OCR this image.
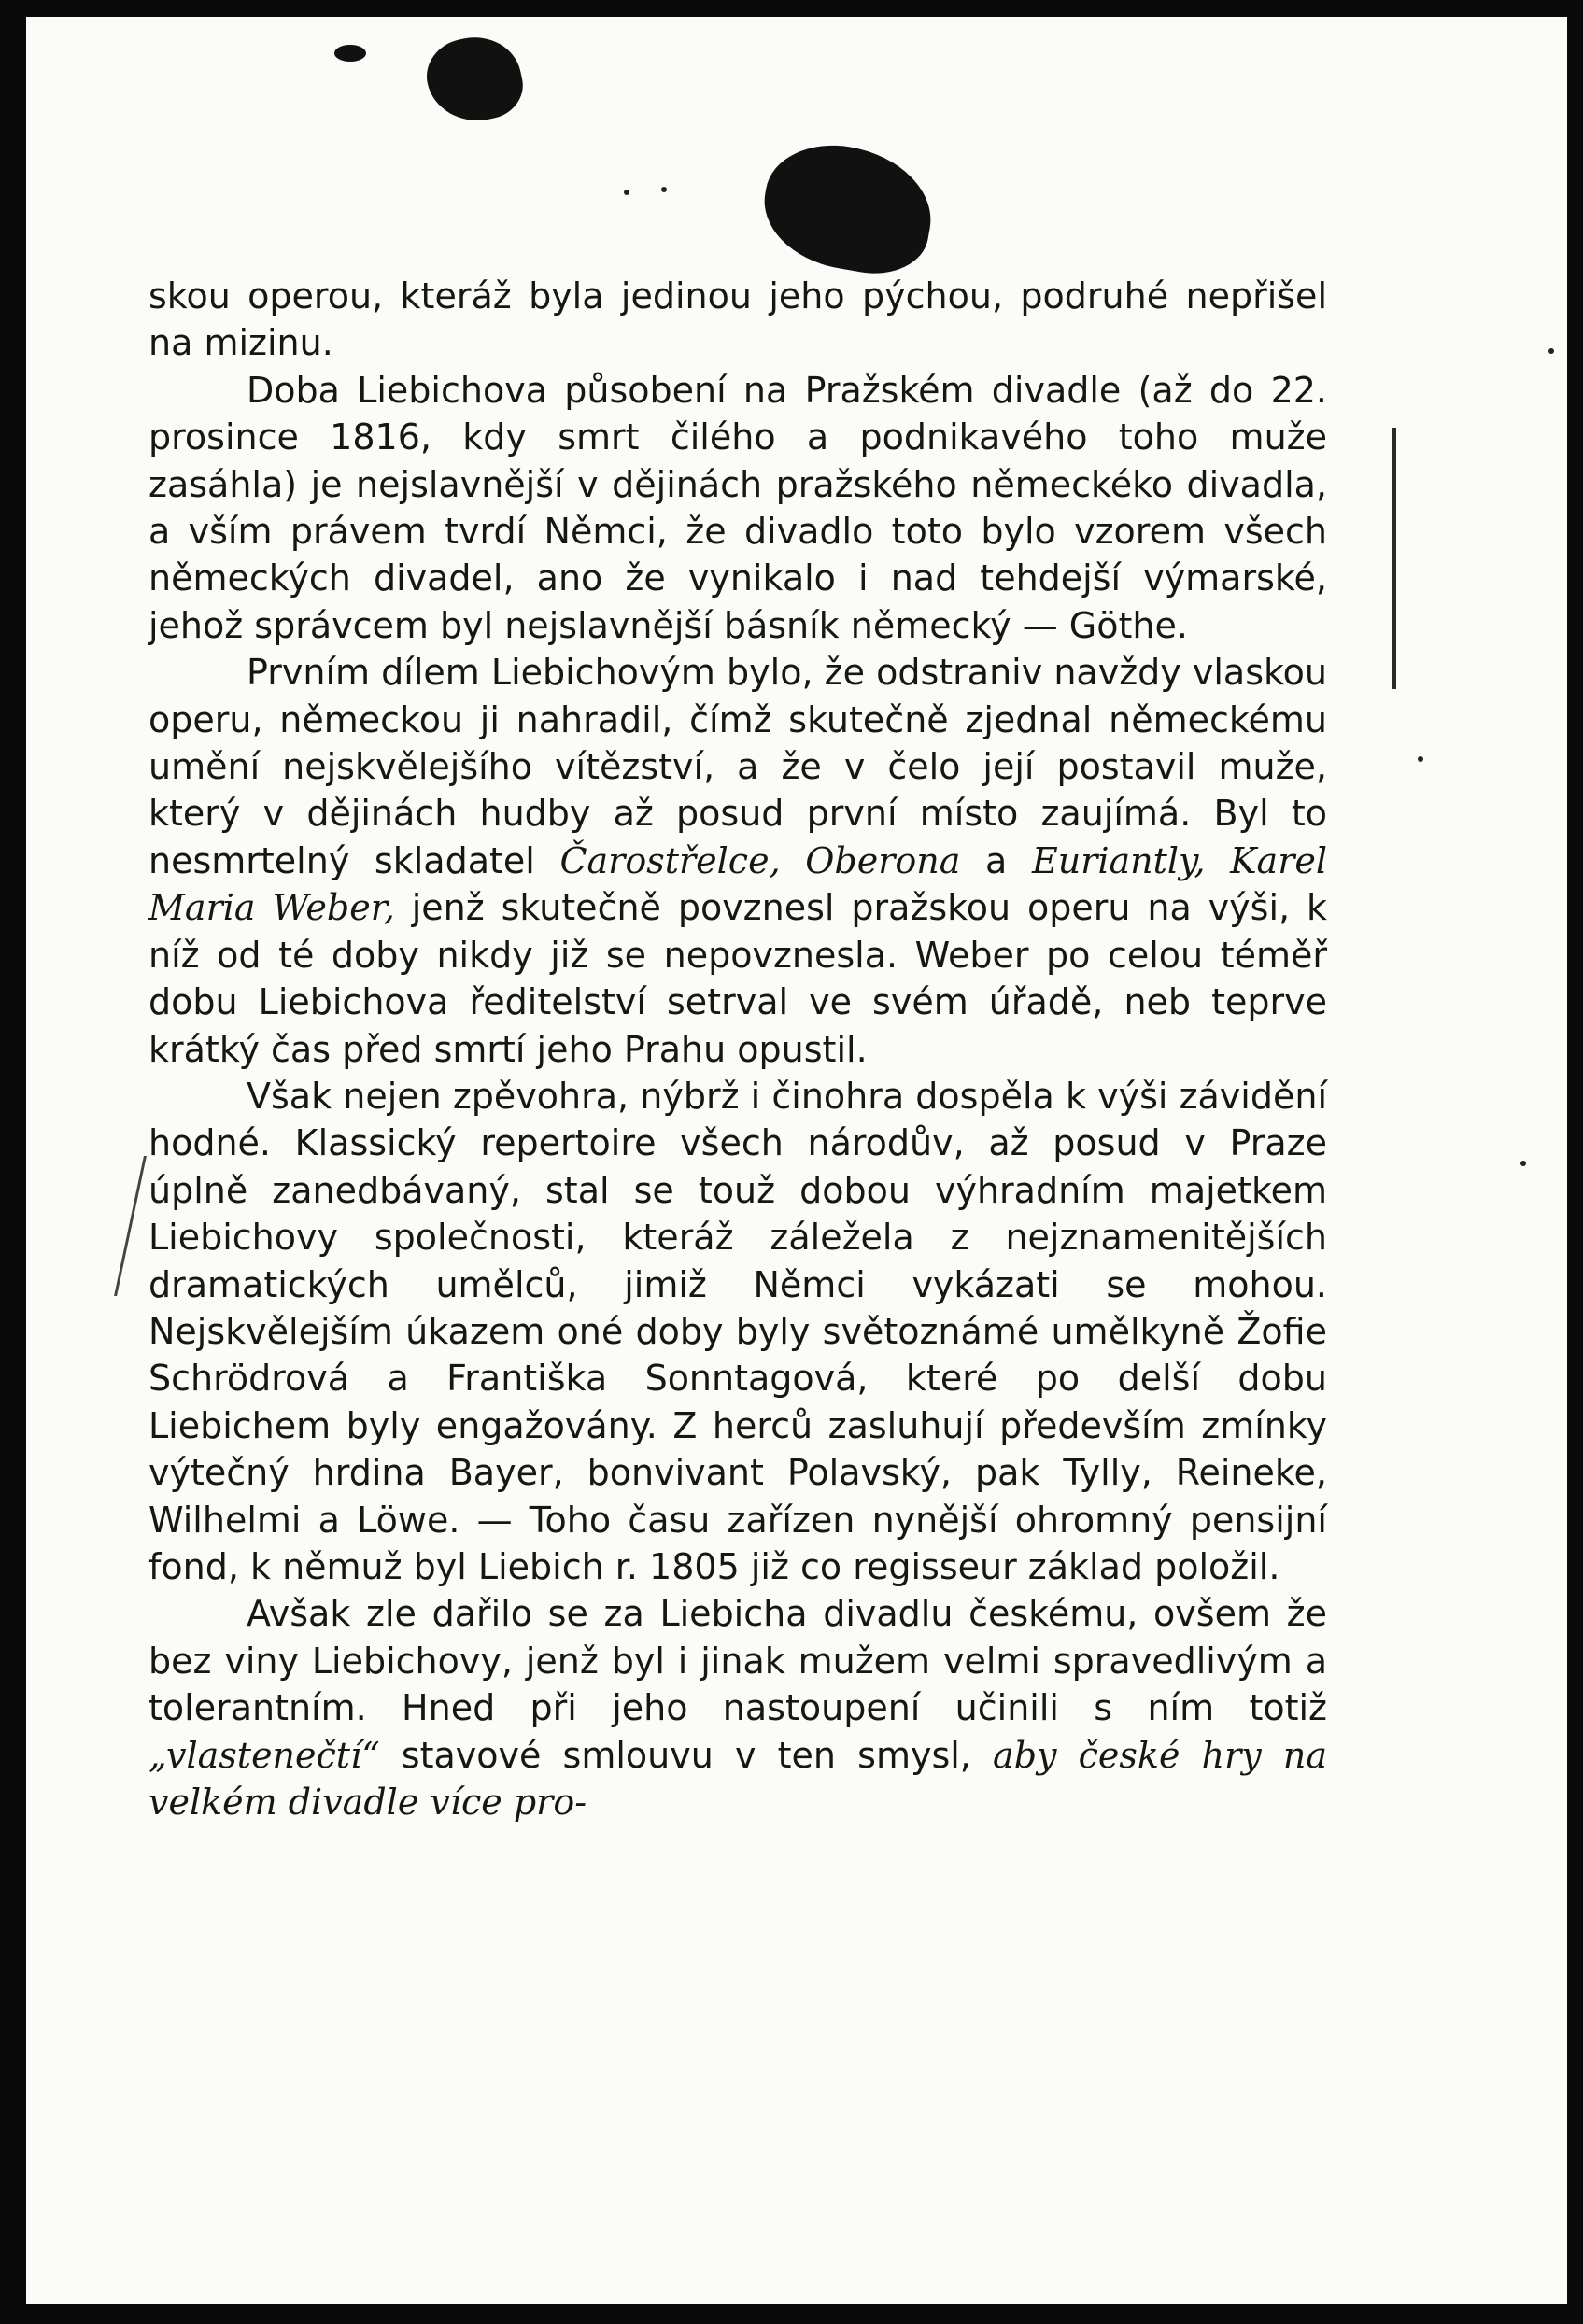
skou operou, kteráž byla jedinou jeho pýchou, podruhé nepřišel na mizinu.

Doba Liebichova působení na Pražském divadle (až do 22. prosince 1816, kdy smrt čilého a podnikavého toho muže zasáhla) je nejslavnější v dějinách pražského německéko divadla, a vším právem tvrdí Němci, že divadlo toto bylo vzorem všech německých divadel, ano že vynikalo i nad tehdejší výmarské, jehož správcem byl nejslavnější básník německý — Göthe.

Prvním dílem Liebichovým bylo, že odstraniv navždy vlaskou operu, německou ji nahradil, čímž skutečně zjednal německému umění nejskvělejšího vítězství, a že v čelo její postavil muže, který v dějinách hudby až posud první místo zaujímá. Byl to nesmrtelný skladatel Čarostřelce, Oberona a Euriantly, Karel Maria Weber, jenž skutečně povznesl pražskou operu na výši, k níž od té doby nikdy již se nepovznesla. Weber po celou téměř dobu Liebichova ředitelství setrval ve svém úřadě, neb teprve krátký čas před smrtí jeho Prahu opustil.

Však nejen zpěvohra, nýbrž i činohra dospěla k výši závidění hodné. Klassický repertoire všech národův, až posud v Praze úplně zanedbávaný, stal se touž dobou výhradním majetkem Liebichovy společnosti, kteráž záležela z nejznamenitějších dramatických umělců, jimiž Němci vykázati se mohou. Nejskvělejším úkazem oné doby byly světoznámé umělkyně Žofie Schrödrová a Františka Sonntagová, které po delší dobu Liebichem byly engažovány. Z herců zasluhují především zmínky výtečný hrdina Bayer, bonvivant Polavský, pak Tylly, Reineke, Wilhelmi a Löwe. — Toho času zařízen nynější ohromný pensijní fond, k němuž byl Liebich r. 1805 již co regisseur základ položil.

Avšak zle dařilo se za Liebicha divadlu českému, ovšem že bez viny Liebichovy, jenž byl i jinak mužem velmi spravedlivým a tolerantním. Hned při jeho nastoupení učinili s ním totiž „vlastenečtí“ stavové smlouvu v ten smysl, aby české hry na velkém divadle více pro-
